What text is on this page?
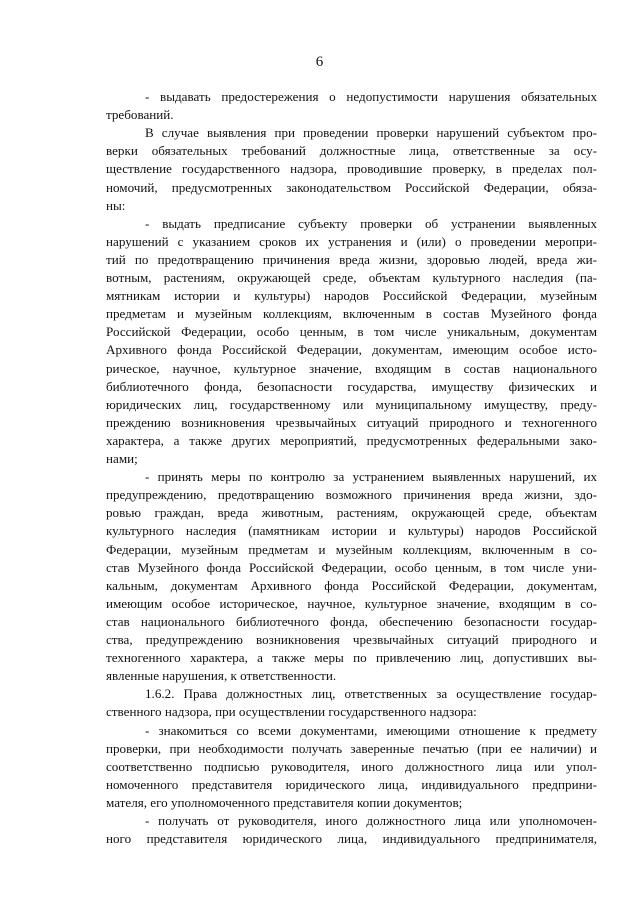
6
- выдавать предостережения о недопустимости нарушения обязательных
требований.
В случае выявления при проведении проверки нарушений субъектом про-
верки обязательных требований должностные лица, ответственные за осу-
ществление государственного надзора, проводившие проверку, в пределах пол-
номочий, предусмотренных законодательством Российской Федерации, обяза-
ны:
- выдать предписание субъекту проверки об устранении выявленных
нарушений с указанием сроков их устранения и (или) о проведении меропри-
тий по предотвращению причинения вреда жизни, здоровью людей, вреда жи-
вотным, растениям, окружающей среде, объектам культурного наследия (па-
мятникам истории и культуры) народов Российской Федерации, музейным
предметам и музейным коллекциям, включенным в состав Музейного фонда
Российской Федерации, особо ценным, в том числе уникальным, документам
Архивного фонда Российской Федерации, документам, имеющим особое исто-
рическое, научное, культурное значение, входящим в состав национального
библиотечного фонда, безопасности государства, имуществу физических и
юридических лиц, государственному или муниципальному имуществу, преду-
преждению возникновения чрезвычайных ситуаций природного и техногенного
характера, а также других мероприятий, предусмотренных федеральными зако-
нами;
- принять меры по контролю за устранением выявленных нарушений, их
предупреждению, предотвращению возможного причинения вреда жизни, здо-
ровью граждан, вреда животным, растениям, окружающей среде, объектам
культурного наследия (памятникам истории и культуры) народов Российской
Федерации, музейным предметам и музейным коллекциям, включенным в со-
став Музейного фонда Российской Федерации, особо ценным, в том числе уни-
кальным, документам Архивного фонда Российской Федерации, документам,
имеющим особое историческое, научное, культурное значение, входящим в со-
став национального библиотечного фонда, обеспечению безопасности государ-
ства, предупреждению возникновения чрезвычайных ситуаций природного и
техногенного характера, а также меры по привлечению лиц, допустивших вы-
явленные нарушения, к ответственности.
1.6.2. Права должностных лиц, ответственных за осуществление государ-
ственного надзора, при осуществлении государственного надзора:
- знакомиться со всеми документами, имеющими отношение к предмету
проверки, при необходимости получать заверенные печатью (при ее наличии) и
соответственно подписью руководителя, иного должностного лица или упол-
номоченного представителя юридического лица, индивидуального предприни-
мателя, его уполномоченного представителя копии документов;
- получать от руководителя, иного должностного лица или уполномочен-
ного представителя юридического лица, индивидуального предпринимателя,
